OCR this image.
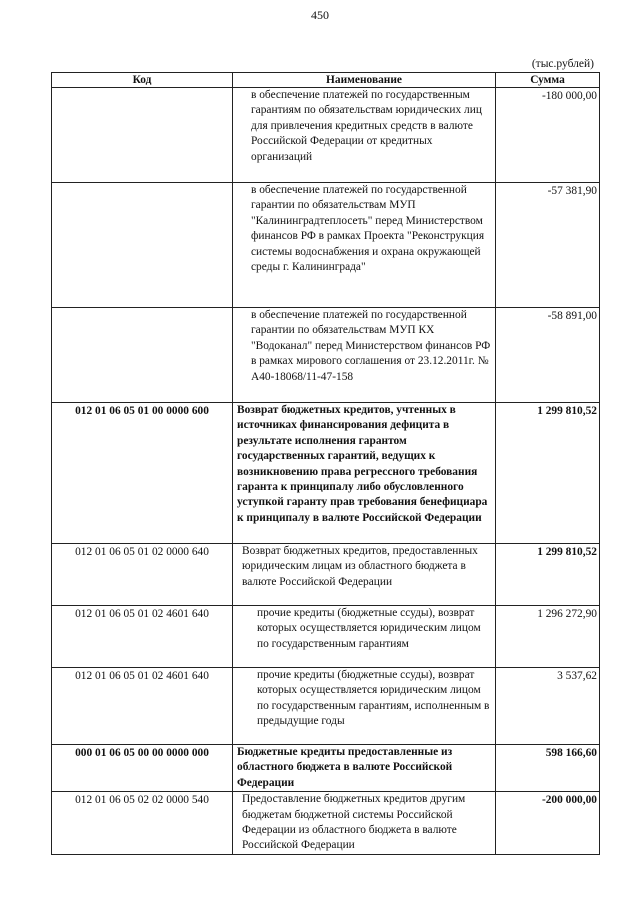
450
(тыс.рублей)
Код	Наименование	Сумма
	в обеспечение платежей по государственным гарантиям по обязательствам юридических лиц для привлечения кредитных средств в валюте Российской Федерации от кредитных организаций	-180 000,00
	в обеспечение платежей по государственной гарантии по обязательствам МУП "Калининградтеплосеть" перед Министерством финансов РФ в рамках Проекта "Реконструкция системы водоснабжения и охрана окружающей среды г. Калининграда"	-57 381,90
	в обеспечение платежей по государственной гарантии по обязательствам МУП КХ "Водоканал" перед Министерством финансов РФ в рамках мирового соглашения от 23.12.2011г. № А40-18068/11-47-158	-58 891,00
012 01 06 05 01 00 0000 600	Возврат бюджетных кредитов, учтенных в источниках финансирования дефицита в результате исполнения гарантом государственных гарантий, ведущих к возникновению права регрессного требования гаранта к принципалу либо обусловленного уступкой гаранту прав требования бенефициара к принципалу в валюте Российской Федерации	1 299 810,52
012 01 06 05 01 02 0000 640	Возврат бюджетных кредитов, предоставленных юридическим лицам из областного бюджета в валюте Российской Федерации	1 299 810,52
012 01 06 05 01 02 4601 640	прочие кредиты (бюджетные ссуды), возврат которых осуществляется юридическим лицом по государственным гарантиям	1 296 272,90
012 01 06 05 01 02 4601 640	прочие кредиты (бюджетные ссуды), возврат которых осуществляется юридическим лицом по государственным гарантиям, исполненным в предыдущие годы	3 537,62
000 01 06 05 00 00 0000 000	Бюджетные кредиты предоставленные из областного бюджета в валюте Российской Федерации	598 166,60
012 01 06 05 02 02 0000 540	Предоставление бюджетных кредитов другим бюджетам бюджетной системы Российской Федерации из областного бюджета в валюте Российской Федерации	-200 000,00
